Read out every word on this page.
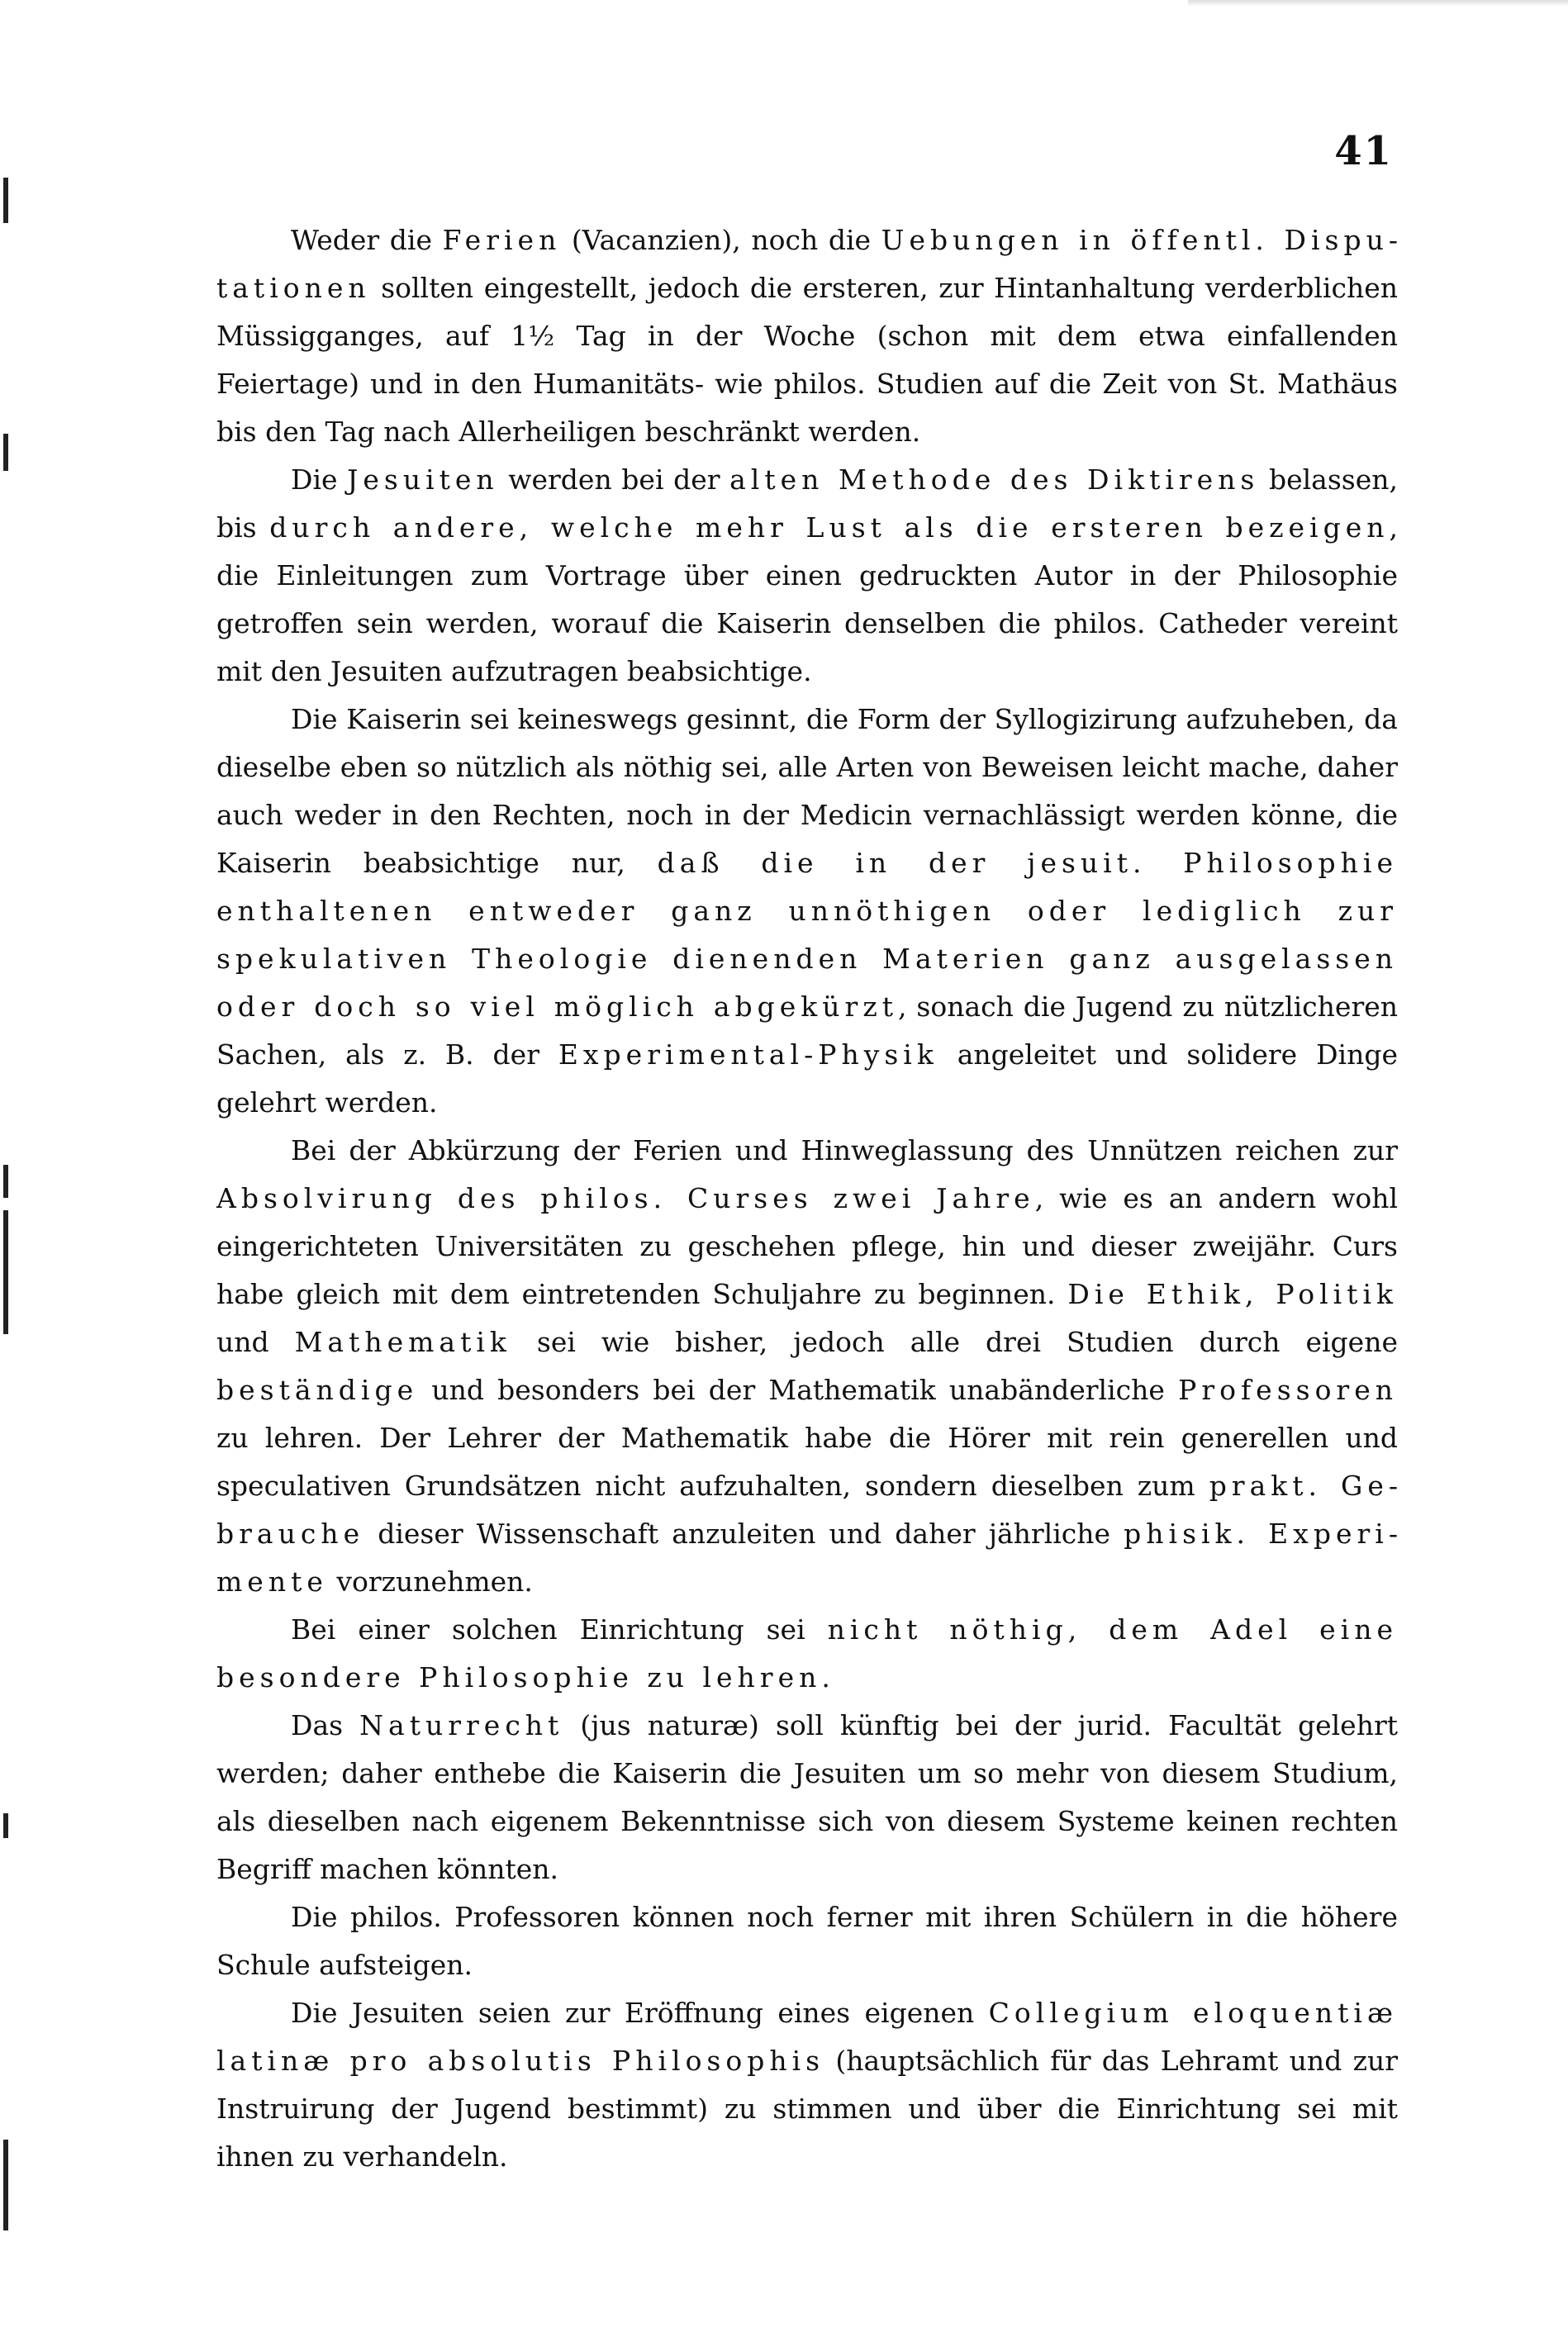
41

Weder die Ferien (Vacanzien), noch die Uebungen in öffentl. Disputationen sollten eingestellt, jedoch die ersteren, zur Hintanhaltung verderblichen Müssigganges, auf 1½ Tag in der Woche (schon mit dem etwa einfallenden Feiertage) und in den Humanitäts- wie philos. Studien auf die Zeit von St. Mathäus bis den Tag nach Allerheiligen beschränkt werden.

Die Jesuiten werden bei der alten Methode des Diktirens belassen, bis durch andere, welche mehr Lust als die ersteren bezeigen, die Einleitungen zum Vortrage über einen gedruckten Autor in der Philosophie getroffen sein werden, worauf die Kaiserin denselben die philos. Catheder vereint mit den Jesuiten aufzutragen beabsichtige.

Die Kaiserin sei keineswegs gesinnt, die Form der Syllogizirung aufzuheben, da dieselbe eben so nützlich als nöthig sei, alle Arten von Beweisen leicht mache, daher auch weder in den Rechten, noch in der Medicin vernachlässigt werden könne, die Kaiserin beabsichtige nur, daß die in der jesuit. Philosophie enthaltenen entweder ganz unnöthigen oder lediglich zur spekulativen Theologie dienenden Materien ganz ausgelassen oder doch so viel möglich abgekürzt, sonach die Jugend zu nützlicheren Sachen, als z. B. der Experimental-Physik angeleitet und solidere Dinge gelehrt werden.

Bei der Abkürzung der Ferien und Hinweglassung des Unnützen reichen zur Absolvirung des philos. Curses zwei Jahre, wie es an andern wohl eingerichteten Universitäten zu geschehen pflege, hin und dieser zweijähr. Curs habe gleich mit dem eintretenden Schuljahre zu beginnen. Die Ethik, Politik und Mathematik sei wie bisher, jedoch alle drei Studien durch eigene beständige und besonders bei der Mathematik unabänderliche Professoren zu lehren. Der Lehrer der Mathematik habe die Hörer mit rein generellen und speculativen Grundsätzen nicht aufzuhalten, sondern dieselben zum prakt. Gebrauche dieser Wissenschaft anzuleiten und daher jährliche phisik. Experimente vorzunehmen.

Bei einer solchen Einrichtung sei nicht nöthig, dem Adel eine besondere Philosophie zu lehren.

Das Naturrecht (jus naturæ) soll künftig bei der jurid. Facultät gelehrt werden; daher enthebe die Kaiserin die Jesuiten um so mehr von diesem Studium, als dieselben nach eigenem Bekenntnisse sich von diesem Systeme keinen rechten Begriff machen könnten.

Die philos. Professoren können noch ferner mit ihren Schülern in die höhere Schule aufsteigen.

Die Jesuiten seien zur Eröffnung eines eigenen Collegium eloquentiæ latinæ pro absolutis Philosophis (hauptsächlich für das Lehramt und zur Instruirung der Jugend bestimmt) zu stimmen und über die Einrichtung sei mit ihnen zu verhandeln.
